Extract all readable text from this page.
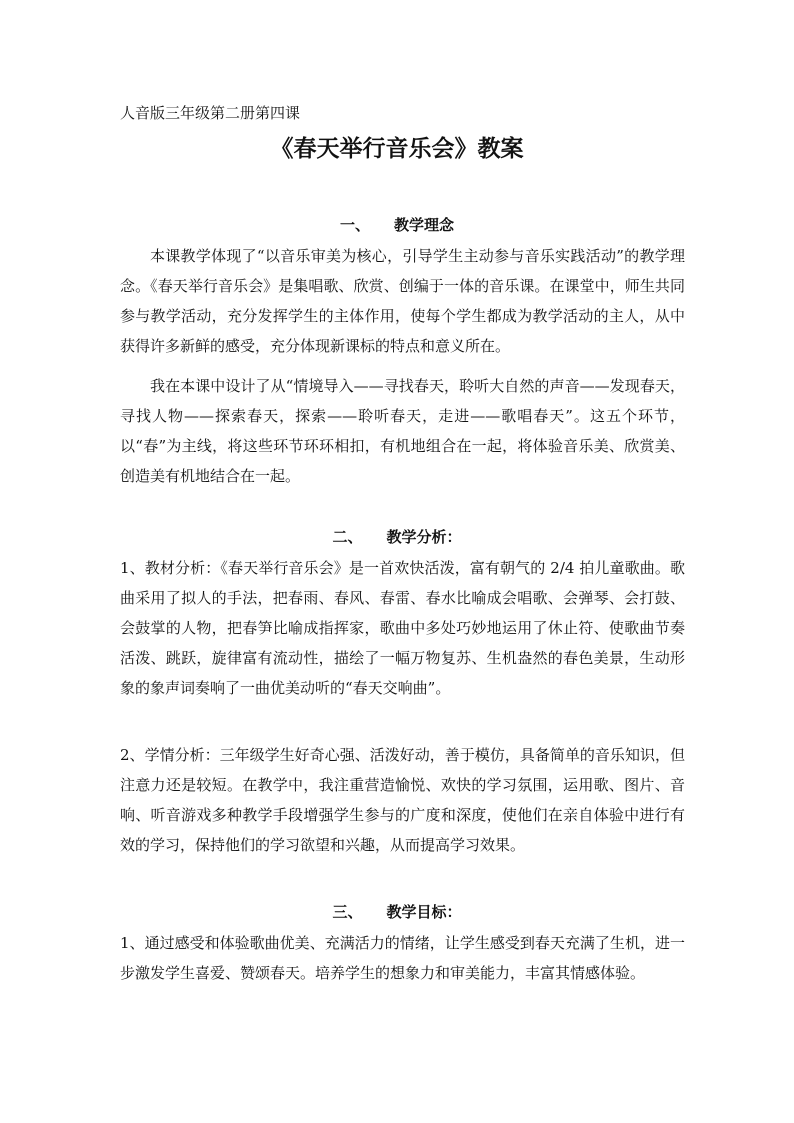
人音版三年级第二册第四课
《春天举行音乐会》教案
一、 教学理念

本课教学体现了“以音乐审美为核心，引导学生主动参与音乐实践活动”的教学理念。《春天举行音乐会》是集唱歌、欣赏、创编于一体的音乐课。在课堂中，师生共同参与教学活动，充分发挥学生的主体作用，使每个学生都成为教学活动的主人，从中获得许多新鲜的感受，充分体现新课标的特点和意义所在。

我在本课中设计了从“情境导入——寻找春天，聆听大自然的声音——发现春天，寻找人物——探索春天，探索——聆听春天，走进——歌唱春天”。这五个环节，以“春”为主线，将这些环节环环相扣，有机地组合在一起，将体验音乐美、欣赏美、创造美有机地结合在一起。

二、 教学分析：

1、教材分析：《春天举行音乐会》是一首欢快活泼，富有朝气的 2/4 拍儿童歌曲。歌曲采用了拟人的手法，把春雨、春风、春雷、春水比喻成会唱歌、会弹琴、会打鼓、会鼓掌的人物，把春笋比喻成指挥家，歌曲中多处巧妙地运用了休止符、使歌曲节奏活泼、跳跃，旋律富有流动性，描绘了一幅万物复苏、生机盎然的春色美景，生动形象的象声词奏响了一曲优美动听的“春天交响曲”。

2、学情分析：三年级学生好奇心强、活泼好动，善于模仿，具备简单的音乐知识，但注意力还是较短。在教学中，我注重营造愉悦、欢快的学习氛围，运用歌、图片、音响、听音游戏多种教学手段增强学生参与的广度和深度，使他们在亲自体验中进行有效的学习，保持他们的学习欲望和兴趣，从而提高学习效果。

三、 教学目标：

1、通过感受和体验歌曲优美、充满活力的情绪，让学生感受到春天充满了生机，进一步激发学生喜爱、赞颂春天。培养学生的想象力和审美能力，丰富其情感体验。
